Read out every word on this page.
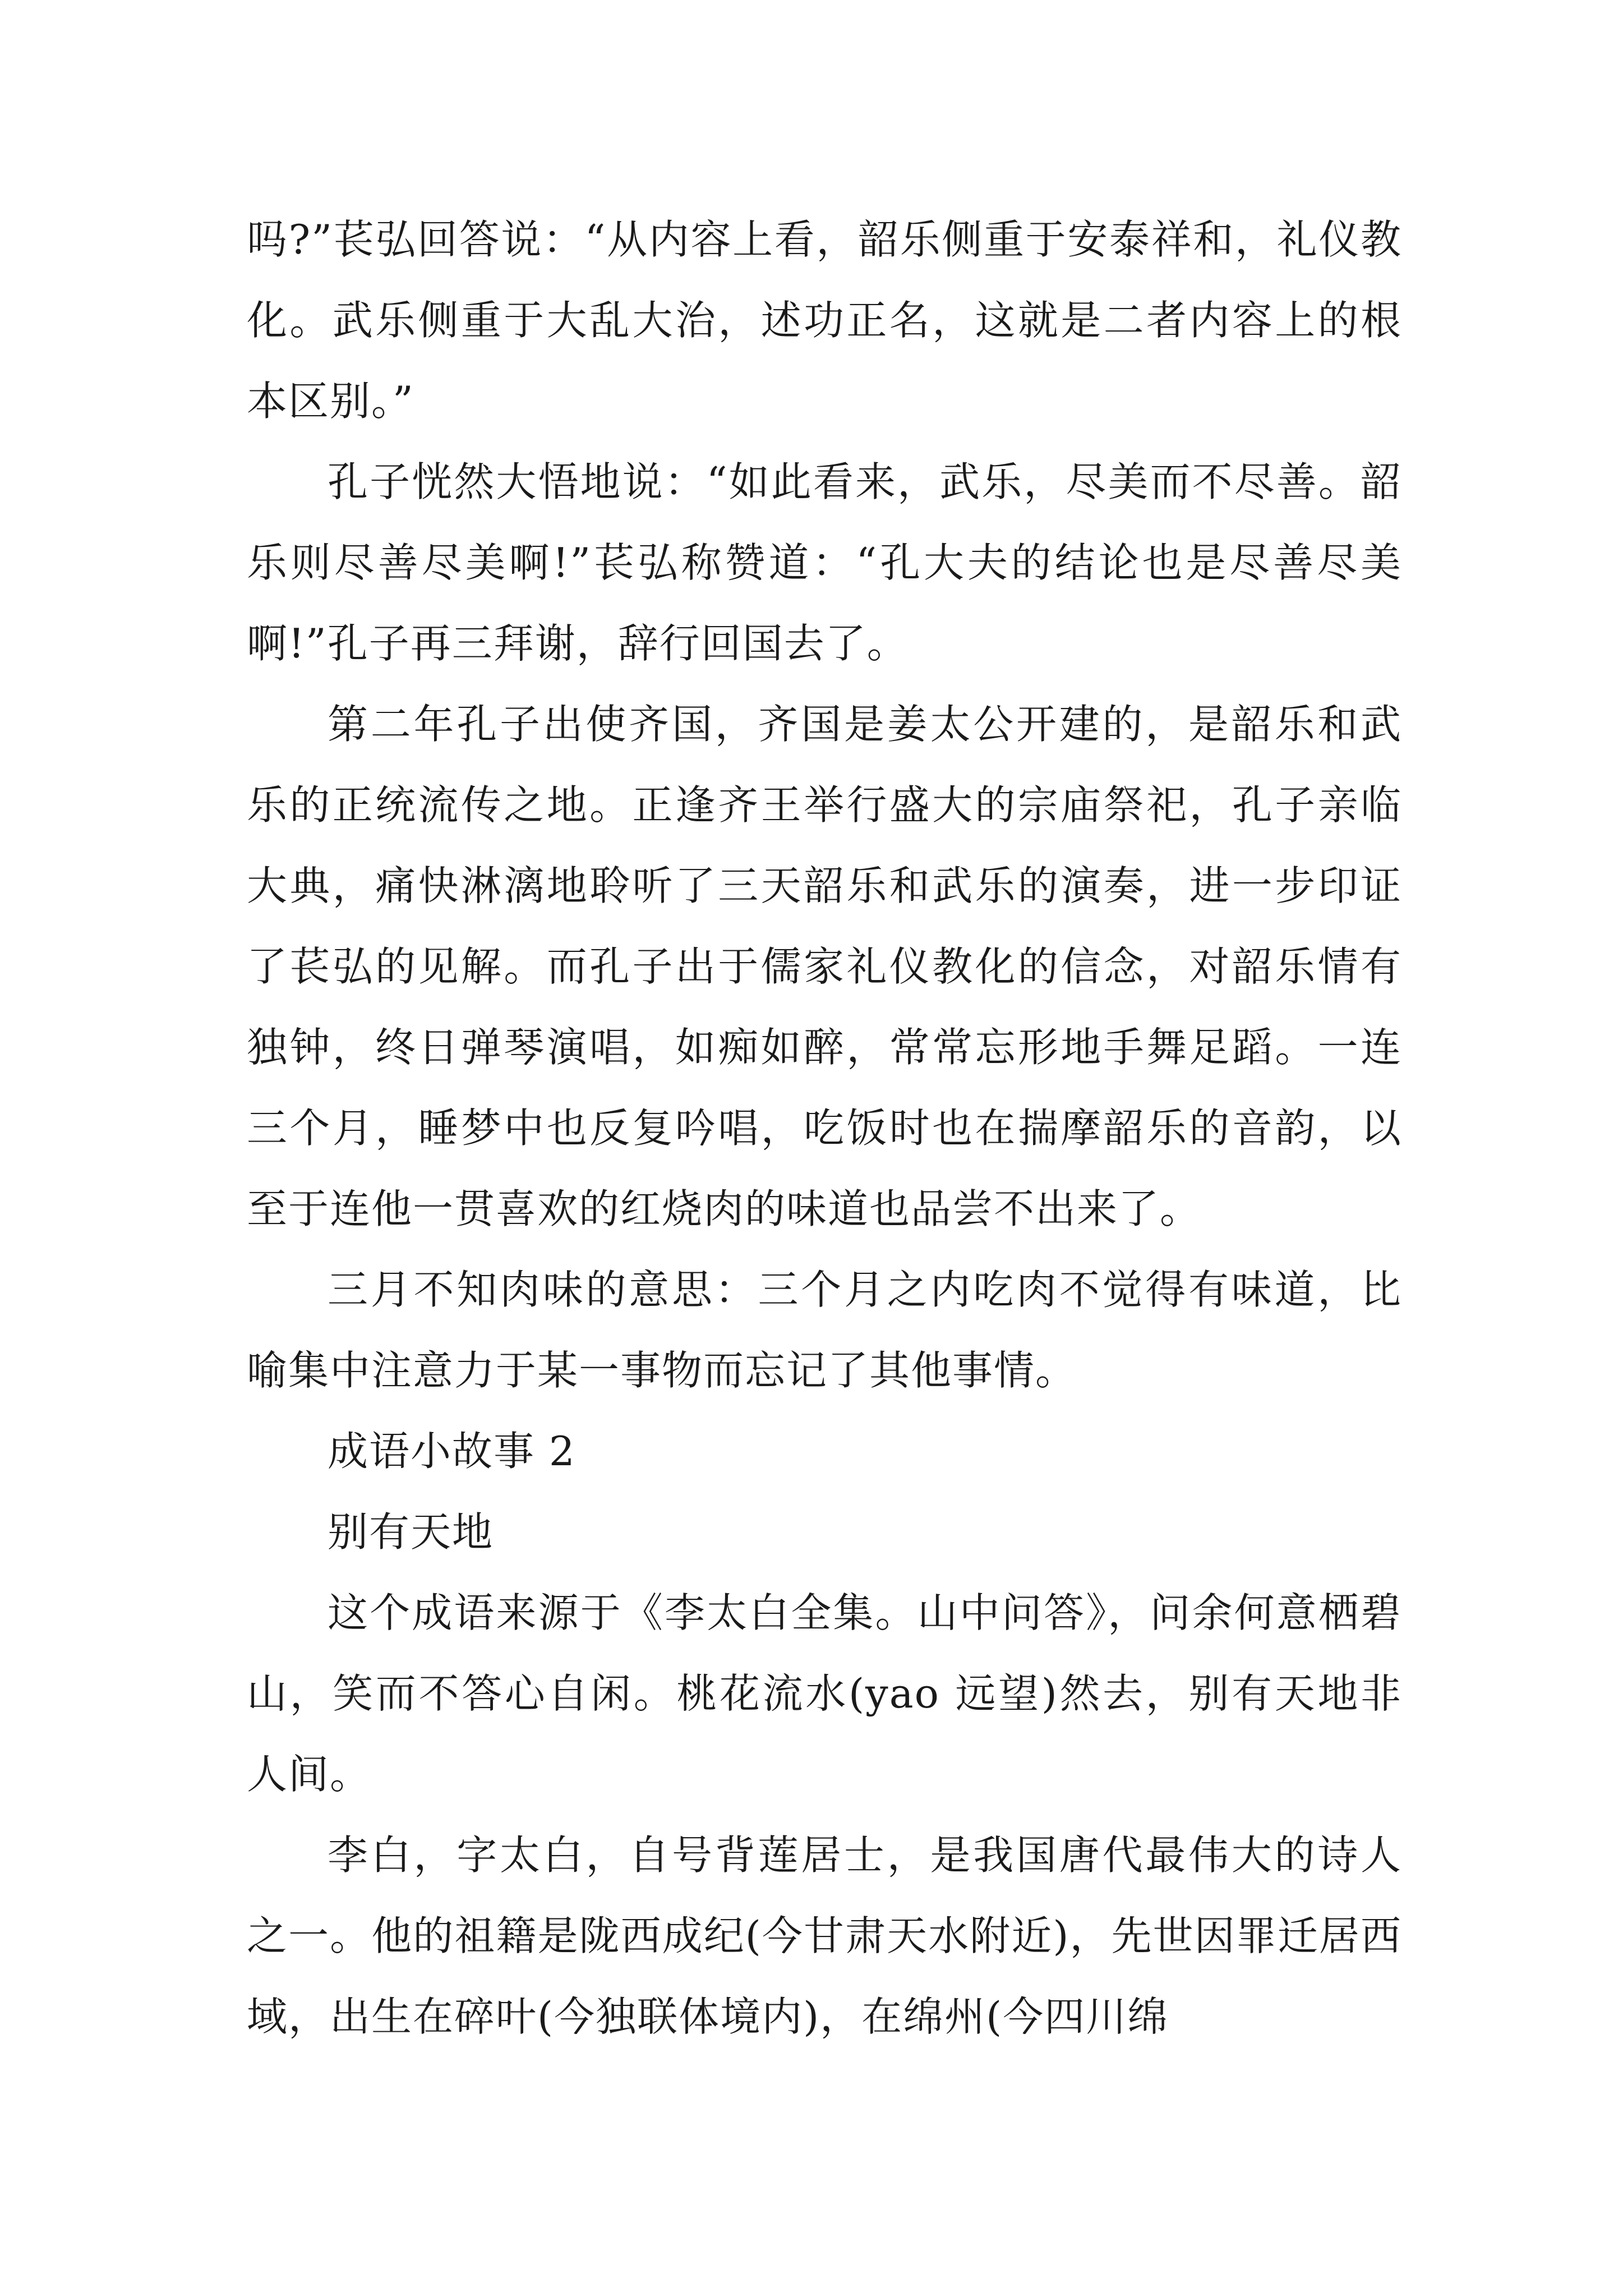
吗?”苌弘回答说：“从内容上看，韶乐侧重于安泰祥和，礼仪教化。武乐侧重于大乱大治，述功正名，这就是二者内容上的根本区别。”

孔子恍然大悟地说：“如此看来，武乐，尽美而不尽善。韶乐则尽善尽美啊!”苌弘称赞道：“孔大夫的结论也是尽善尽美啊!”孔子再三拜谢，辞行回国去了。

第二年孔子出使齐国，齐国是姜太公开建的，是韶乐和武乐的正统流传之地。正逢齐王举行盛大的宗庙祭祀，孔子亲临大典，痛快淋漓地聆听了三天韶乐和武乐的演奏，进一步印证了苌弘的见解。而孔子出于儒家礼仪教化的信念，对韶乐情有独钟，终日弹琴演唱，如痴如醉，常常忘形地手舞足蹈。一连三个月，睡梦中也反复吟唱，吃饭时也在揣摩韶乐的音韵，以至于连他一贯喜欢的红烧肉的味道也品尝不出来了。

三月不知肉味的意思：三个月之内吃肉不觉得有味道，比喻集中注意力于某一事物而忘记了其他事情。

成语小故事 2

别有天地

这个成语来源于《李太白全集。山中问答》，问余何意栖碧山，笑而不答心自闲。桃花流水(yao 远望)然去，别有天地非人间。

李白，字太白，自号背莲居士，是我国唐代最伟大的诗人之一。他的祖籍是陇西成纪(今甘肃天水附近)，先世因罪迁居西域，出生在碎叶(今独联体境内)，在绵州(今四川绵
